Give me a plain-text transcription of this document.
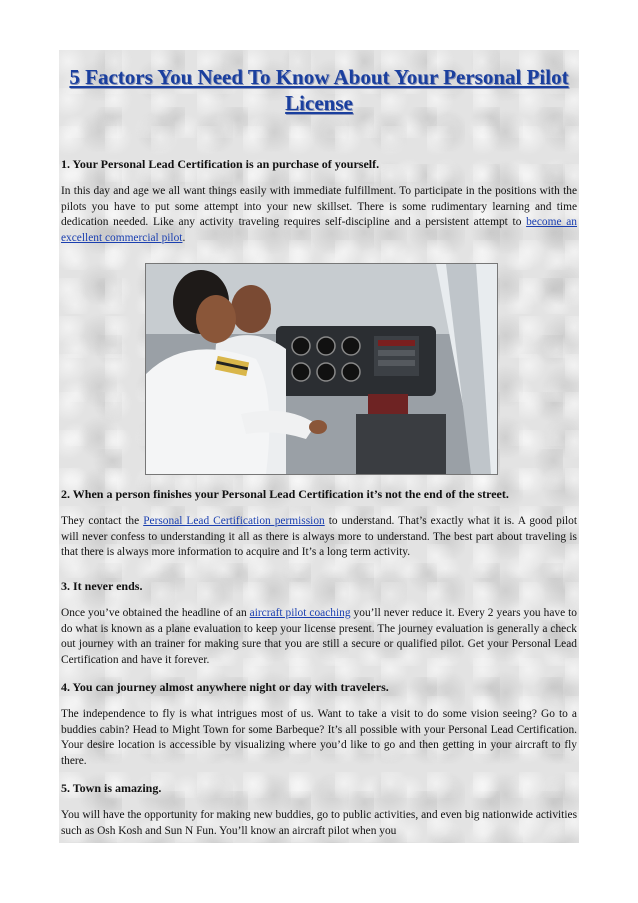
5 Factors You Need To Know About Your Personal Pilot License

1. Your Personal Lead Certification is an purchase of yourself.

In this day and age we all want things easily with immediate fulfillment. To participate in the positions with the pilots you have to put some attempt into your new skillset. There is some rudimentary learning and time dedication needed. Like any activity traveling requires self-discipline and a persistent attempt to become an excellent commercial pilot.

2. When a person finishes your Personal Lead Certification it’s not the end of the street.

They contact the Personal Lead Certification permission to understand. That’s exactly what it is. A good pilot will never confess to understanding it all as there is always more to understand. The best part about traveling is that there is always more information to acquire and It’s a long term activity.

3. It never ends.

Once you’ve obtained the headline of an aircraft pilot coaching you’ll never reduce it. Every 2 years you have to do what is known as a plane evaluation to keep your license present. The journey evaluation is generally a check out journey with an trainer for making sure that you are still a secure or qualified pilot. Get your Personal Lead Certification and have it forever.

4. You can journey almost anywhere night or day with travelers.

The independence to fly is what intrigues most of us. Want to take a visit to do some vision seeing? Go to a buddies cabin? Head to Might Town for some Barbeque? It’s all possible with your Personal Lead Certification. Your desire location is accessible by visualizing where you’d like to go and then getting in your aircraft to fly there.

5. Town is amazing.

You will have the opportunity for making new buddies, go to public activities, and even big nationwide activities such as Osh Kosh and Sun N Fun. You’ll know an aircraft pilot when you
